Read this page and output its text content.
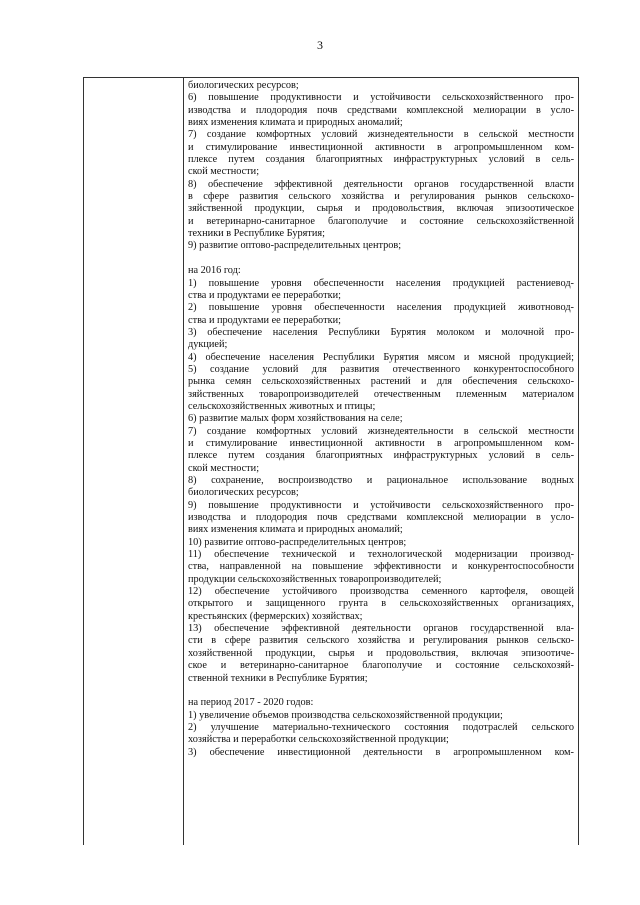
3
биологических ресурсов;
6) повышение продуктивности и устойчивости сельскохозяйственного про-
изводства и плодородия почв средствами комплексной мелиорации в усло-
виях изменения климата и природных аномалий;
7) создание комфортных условий жизнедеятельности в сельской местности
и стимулирование инвестиционной активности в агропромышленном ком-
плексе путем создания благоприятных инфраструктурных условий в сель-
ской местности;
8) обеспечение эффективной деятельности органов государственной власти
в сфере развития сельского хозяйства и регулирования рынков сельскохо-
зяйственной продукции, сырья и продовольствия, включая эпизоотическое
и ветеринарно-санитарное благополучие и состояние сельскохозяйственной
техники в Республике Бурятия;
9) развитие оптово-распределительных центров;
на 2016 год:
1) повышение уровня обеспеченности населения продукцией растениевод-
ства и продуктами ее переработки;
2) повышение уровня обеспеченности населения продукцией животновод-
ства и продуктами ее переработки;
3) обеспечение населения Республики Бурятия молоком и молочной про-
дукцией;
4) обеспечение населения Республики Бурятия мясом и мясной продукцией;
5) создание условий для развития отечественного конкурентоспособного
рынка семян сельскохозяйственных растений и для обеспечения сельскохо-
зяйственных товаропроизводителей отечественным племенным материалом
сельскохозяйственных животных и птицы;
6) развитие малых форм хозяйствования на селе;
7) создание комфортных условий жизнедеятельности в сельской местности
и стимулирование инвестиционной активности в агропромышленном ком-
плексе путем создания благоприятных инфраструктурных условий в сель-
ской местности;
8) сохранение, воспроизводство и рациональное использование водных
биологических ресурсов;
9) повышение продуктивности и устойчивости сельскохозяйственного про-
изводства и плодородия почв средствами комплексной мелиорации в усло-
виях изменения климата и природных аномалий;
10) развитие оптово-распределительных центров;
11) обеспечение технической и технологической модернизации производ-
ства, направленной на повышение эффективности и конкурентоспособности
продукции сельскохозяйственных товаропроизводителей;
12) обеспечение устойчивого производства семенного картофеля, овощей
открытого и защищенного грунта в сельскохозяйственных организациях,
крестьянских (фермерских) хозяйствах;
13) обеспечение эффективной деятельности органов государственной вла-
сти в сфере развития сельского хозяйства и регулирования рынков сельско-
хозяйственной продукции, сырья и продовольствия, включая эпизоотиче-
ское и ветеринарно-санитарное благополучие и состояние сельскохозяй-
ственной техники в Республике Бурятия;
на период 2017 - 2020 годов:
1) увеличение объемов производства сельскохозяйственной продукции;
2) улучшение материально-технического состояния подотраслей сельского
хозяйства и переработки сельскохозяйственной продукции;
3) обеспечение инвестиционной деятельности в агропромышленном ком-
